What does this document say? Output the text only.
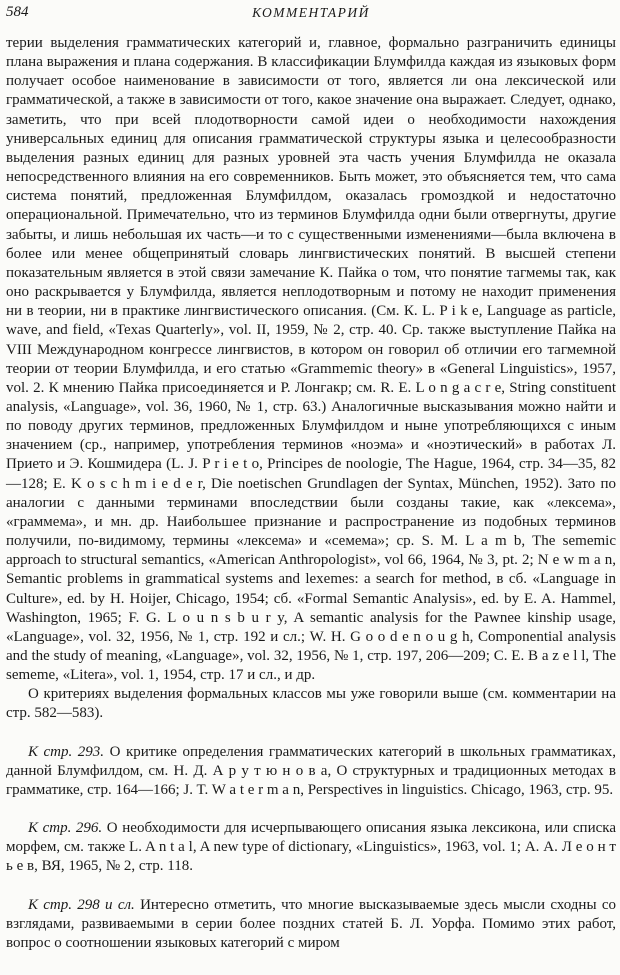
584	КОММЕНТАРИЙ

терии выделения грамматических категорий и, главное, формально разграничить единицы плана выражения и плана содержания. В классификации Блумфилда каждая из языковых форм получает особое наименование в зависимости от того, является ли она лексической или грамматической, а также в зависимости от того, какое значение она выражает. Следует, однако, заметить, что при всей плодотворности самой идеи о необходимости нахождения универсальных единиц для описания грамматической структуры языка и целесообразности выделения разных единиц для разных уровней эта часть учения Блумфилда не оказала непосредственного влияния на его современников. Быть может, это объясняется тем, что сама система понятий, предложенная Блумфилдом, оказалась громоздкой и недостаточно операциональной. Примечательно, что из терминов Блумфилда одни были отвергнуты, другие забыты, и лишь небольшая их часть—и то с существенными изменениями—была включена в более или менее общепринятый словарь лингвистических понятий. В высшей степени показательным является в этой связи замечание К. Пайка о том, что понятие тагмемы так, как оно раскрывается у Блумфилда, является неплодотворным и потому не находит применения ни в теории, ни в практике лингвистического описания. (См. К. L. P i k e, Language as particle, wave, and field, «Texas Quarterly», vol. II, 1959, № 2, стр. 40. Ср. также выступление Пайка на VIII Международном конгрессе лингвистов, в котором он говорил об отличии его тагмемной теории от теории Блумфилда, и его статью «Grammemic theory» в «General Linguistics», 1957, vol. 2. К мнению Пайка присоединяется и Р. Лонгакр; см. R. E. L o n g a c r e, String constituent analysis, «Language», vol. 36, 1960, № 1, стр. 63.) Аналогичные высказывания можно найти и по поводу других терминов, предложенных Блумфилдом и ныне употребляющихся с иным значением (ср., например, употребления терминов «ноэма» и «ноэтический» в работах Л. Прието и Э. Кошмидера (L. J. P r i e t o, Principes de noologie, The Hague, 1964, стр. 34—35, 82—128; E. K o s c h m i e d e r, Die noetischen Grundlagen der Syntax, München, 1952). Зато по аналогии с данными терминами впоследствии были созданы такие, как «лексема», «граммема», и мн. др. Наибольшее признание и распространение из подобных терминов получили, по-видимому, термины «лексема» и «семема»; ср. S. M. L a m b, The sememic approach to structural semantics, «American Anthropologist», vol 66, 1964, № 3, pt. 2; N e w m a n, Semantic problems in grammatical systems and lexemes: a search for method, в сб. «Language in Culture», ed. by H. Hoijer, Chicago, 1954; сб. «Formal Semantic Analysis», ed. by E. A. Hammel, Washington, 1965; F. G. L o u n s b u r y, A semantic analysis for the Pawnee kinship usage, «Language», vol. 32, 1956, № 1, стр. 192 и сл.; W. H. G o o d e n o u g h, Componential analysis and the study of meaning, «Language», vol. 32, 1956, № 1, стр. 197, 206—209; C. E. B a z e l l, The sememe, «Litera», vol. 1, 1954, стр. 17 и сл., и др.

О критериях выделения формальных классов мы уже говорили выше (см. комментарии на стр. 582—583).

К стр. 293. О критике определения грамматических категорий в школьных грамматиках, данной Блумфилдом, см. Н. Д. А р у т ю н о в а, О структурных и традиционных методах в грамматике, стр. 164—166; J. T. W a t e r m a n, Perspectives in linguistics. Chicago, 1963, стр. 95.

К стр. 296. О необходимости для исчерпывающего описания языка лексикона, или списка морфем, см. также L. A n t a l, A new type of dictionary, «Linguistics», 1963, vol. 1; А. А. Л е о н т ь е в, ВЯ, 1965, № 2, стр. 118.

К стр. 298 и сл. Интересно отметить, что многие высказываемые здесь мысли сходны со взглядами, развиваемыми в серии более поздних статей Б. Л. Уорфа. Помимо этих работ, вопрос о соотношении языковых категорий с миром
